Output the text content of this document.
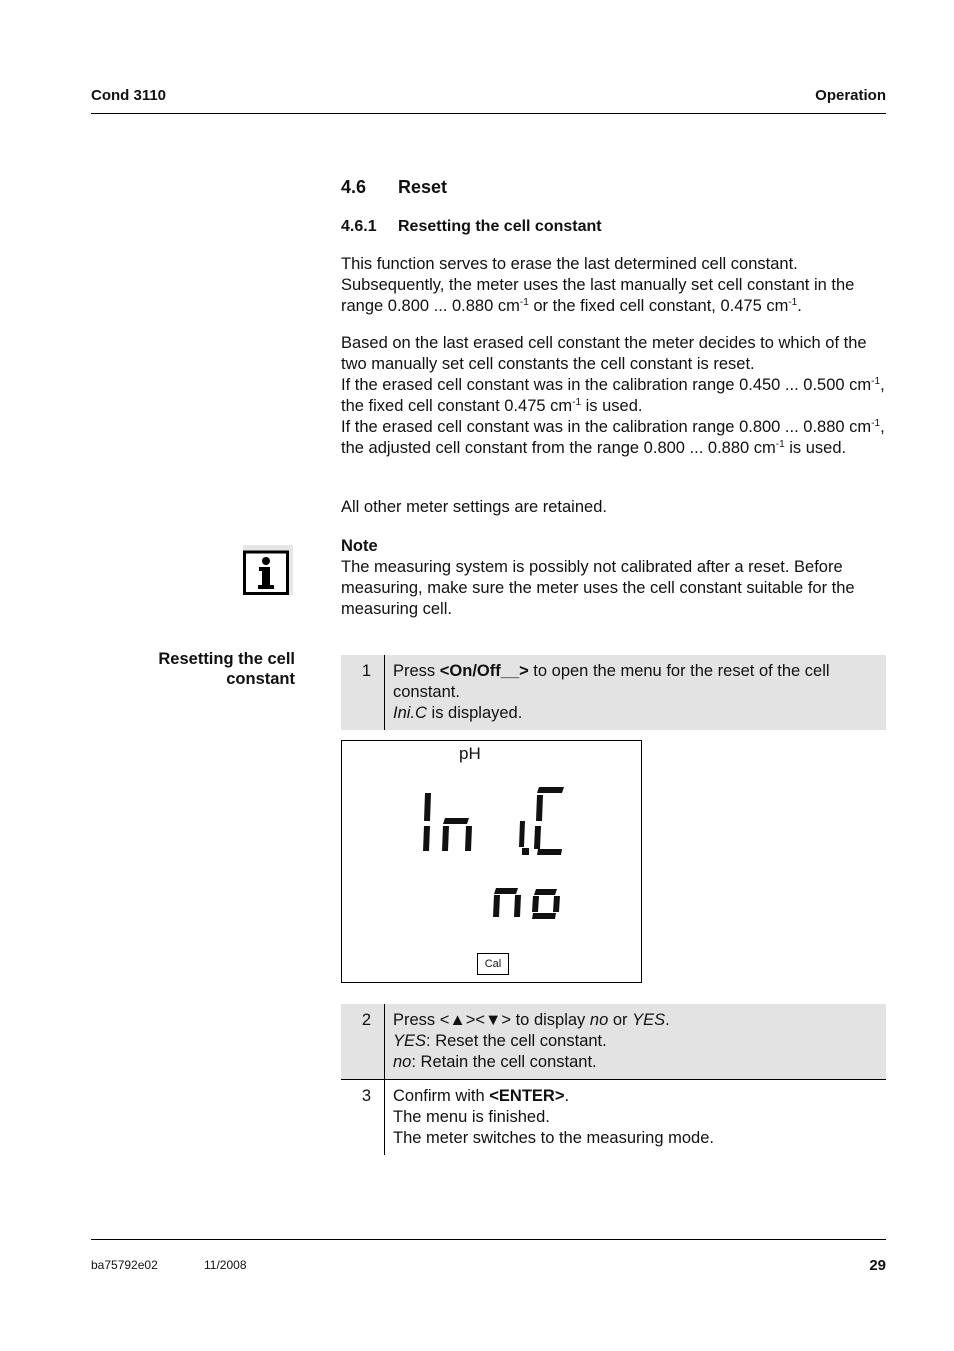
Cond 3110	Operation
4.6 Reset
4.6.1 Resetting the cell constant

This function serves to erase the last determined cell constant. Subsequently, the meter uses the last manually set cell constant in the range 0.800 ... 0.880 $cm^{-1}$ or the fixed cell constant, 0.475 $cm^{-1}$.

Based on the last erased cell constant the meter decides to which of the two manually set cell constants the cell constant is reset.

If the erased cell constant was in the calibration range 0.450 ... 0.500 $cm^{-1}$, the fixed cell constant 0.475 $cm^{-1}$ is used.

If the erased cell constant was in the calibration range 0.800 ... 0.880 $cm^{-1}$, the adjusted cell constant from the range 0.800 ... 0.880 $cm^{-1}$ is used.

All other meter settings are retained.

Note

The measuring system is possibly not calibrated after a reset. Before measuring, make sure the meter uses the cell constant suitable for the measuring cell.

Resetting the cell
constant	1 Press <On/Off__> to open the menu for the reset of the cell constant.
Ini.C is displayed.
pH
Cal
2 Press <▲><▼> to display no or YES.
YES: Reset the cell constant.
no: Retain the cell constant.
3 Confirm with <ENTER>.
The menu is finished.
The meter switches to the measuring mode.
ba75792e02	11/2008	29
